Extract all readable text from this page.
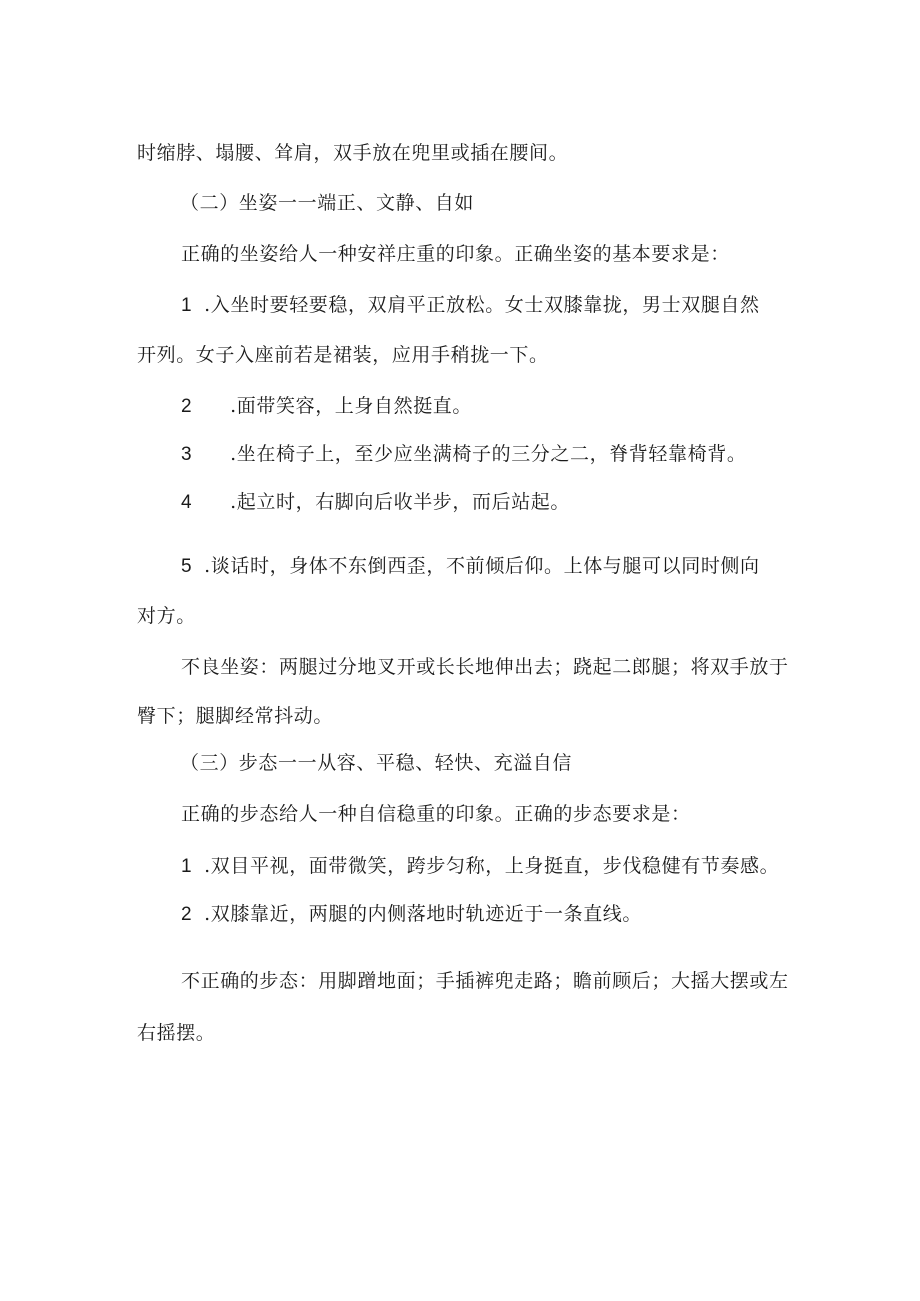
时缩脖、塌腰、耸肩，双手放在兜里或插在腰间。
（二）坐姿一一端正、文静、自如
正确的坐姿给人一种安祥庄重的印象。正确坐姿的基本要求是：
1 .入坐时要轻要稳，双肩平正放松。女士双膝靠拢，男士双腿自然
开列。女子入座前若是裙装，应用手稍拢一下。
2 .面带笑容，上身自然挺直。
3 .坐在椅子上，至少应坐满椅子的三分之二，脊背轻靠椅背。
4 .起立时，右脚向后收半步，而后站起。
5 .谈话时，身体不东倒西歪，不前倾后仰。上体与腿可以同时侧向
对方。
不良坐姿：两腿过分地叉开或长长地伸出去；跷起二郎腿；将双手放于
臀下；腿脚经常抖动。
（三）步态一一从容、平稳、轻快、充溢自信
正确的步态给人一种自信稳重的印象。正确的步态要求是：
1 .双目平视，面带微笑，跨步匀称，上身挺直，步伐稳健有节奏感。
2 .双膝靠近，两腿的内侧落地时轨迹近于一条直线。
不正确的步态：用脚蹭地面；手插裤兜走路；瞻前顾后；大摇大摆或左
右摇摆。
